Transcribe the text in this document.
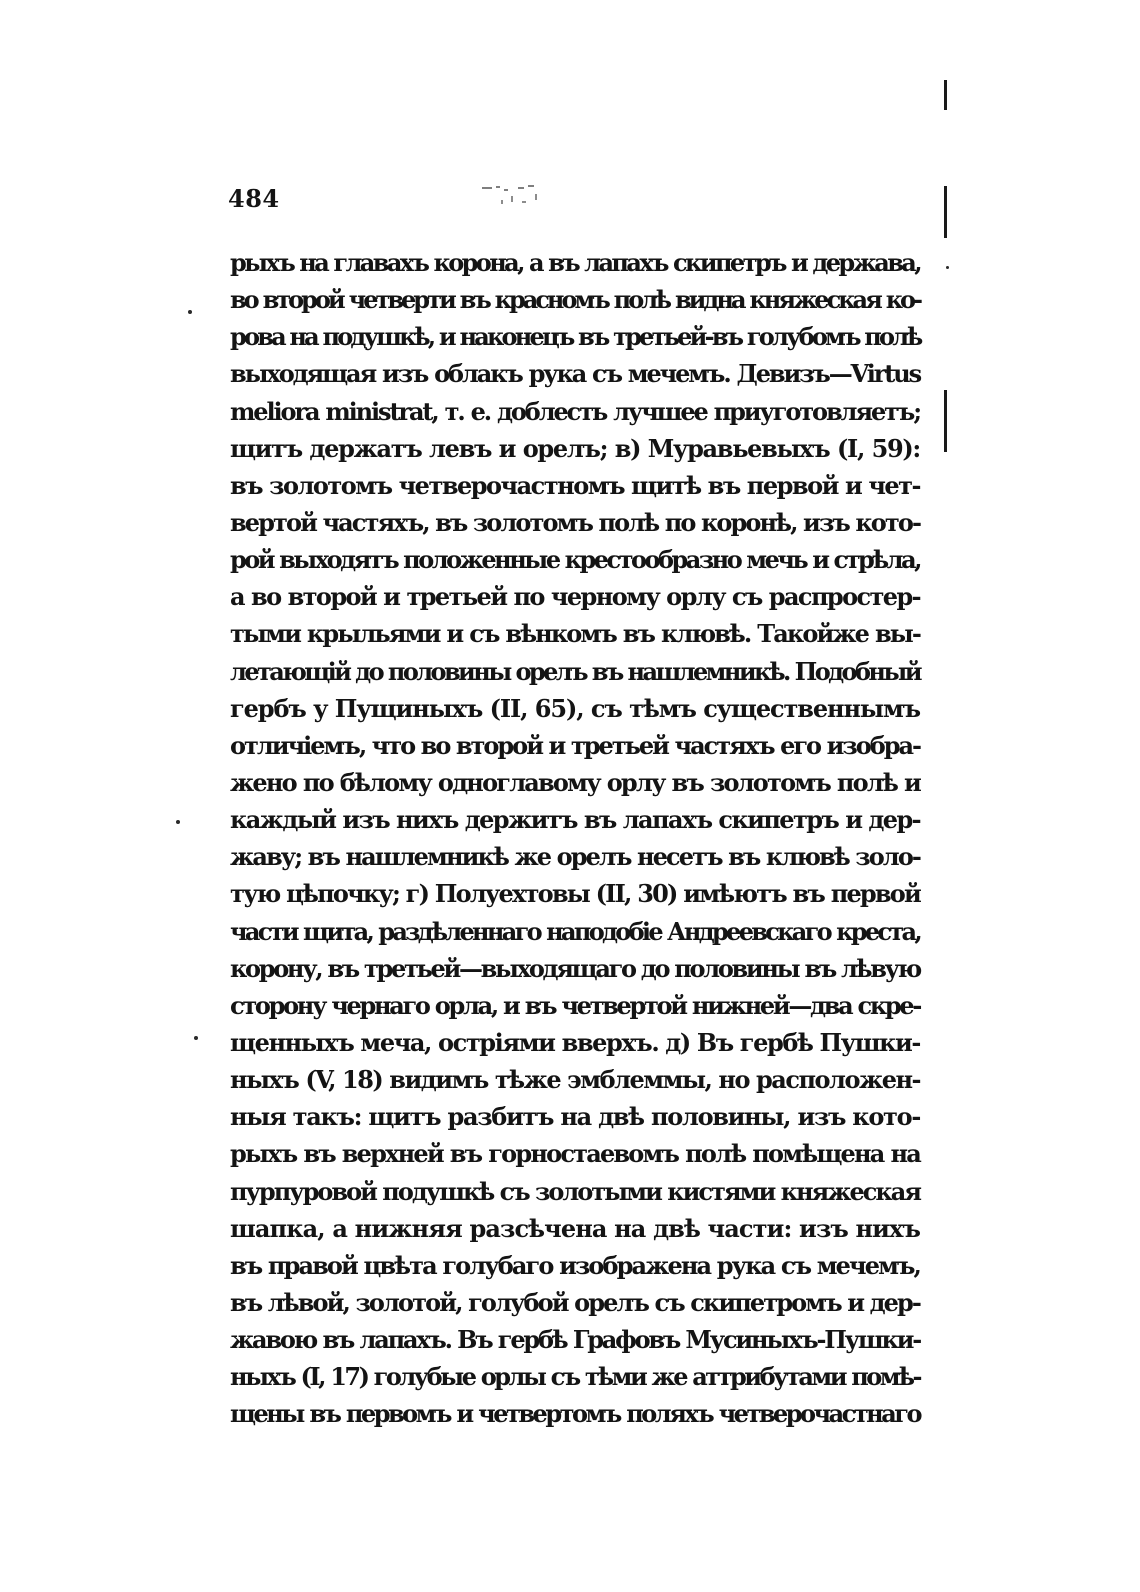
484
рыхъ на главахъ корона, а въ лапахъ скипетръ и держава,
во второй четверти въ красномъ полѣ видна княжеская ко-
рова на подушкѣ, и наконецъ въ третьей-въ голубомъ полѣ
выходящая изъ облакъ рука съ мечемъ. Девизъ—Virtus
meliora ministrat, т. е. доблесть лучшее приуготовляетъ;
щитъ держатъ левъ и орелъ; в) Муравьевыхъ (I, 59):
въ золотомъ четверочастномъ щитѣ въ первой и чет-
вертой частяхъ, въ золотомъ полѣ по коронѣ, изъ кото-
рой выходятъ положенные крестообразно мечь и стрѣла,
а во второй и третьей по черному орлу съ распростер-
тыми крыльями и съ вѣнкомъ въ клювѣ. Такойже вы-
летающій до половины орелъ въ нашлемникѣ. Подобный
гербъ у Пущиныхъ (II, 65), съ тѣмъ существеннымъ
отличіемъ, что во второй и третьей частяхъ его изобра-
жено по бѣлому одноглавому орлу въ золотомъ полѣ и
каждый изъ нихъ держитъ въ лапахъ скипетръ и дер-
жаву; въ нашлемникѣ же орелъ несетъ въ клювѣ золо-
тую цѣпочку; г) Полуехтовы (II, 30) имѣютъ въ первой
части щита, раздѣленнаго наподобіе Андреевскаго креста,
корону, въ третьей—выходящаго до половины въ лѣвую
сторону чернаго орла, и въ четвертой нижней—два скре-
щенныхъ меча, остріями вверхъ. д) Въ гербѣ Пушки-
ныхъ (V, 18) видимъ тѣже эмблеммы, но расположен-
ныя такъ: щитъ разбитъ на двѣ половины, изъ кото-
рыхъ въ верхней въ горностаевомъ полѣ помѣщена на
пурпуровой подушкѣ съ золотыми кистями княжеская
шапка, а нижняя разсѣчена на двѣ части: изъ нихъ
въ правой цвѣта голубаго изображена рука съ мечемъ,
въ лѣвой, золотой, голубой орелъ съ скипетромъ и дер-
жавою въ лапахъ. Въ гербѣ Графовъ Мусиныхъ-Пушки-
ныхъ (I, 17) голубые орлы съ тѣми же аттрибутами помѣ-
щены въ первомъ и четвертомъ поляхъ четверочастнаго
